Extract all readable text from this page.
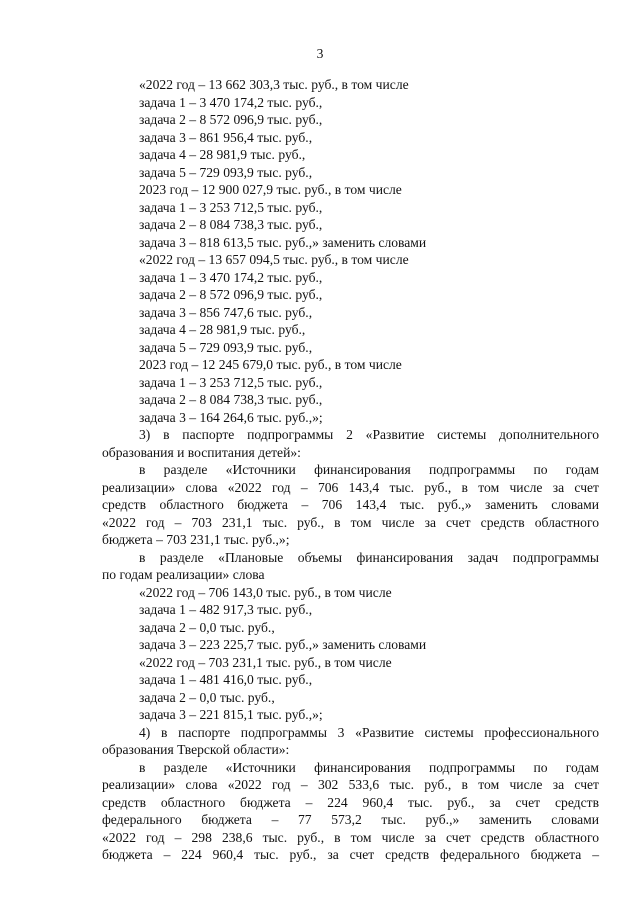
3
«2022 год – 13 662 303,3 тыс. руб., в том числе
задача 1 – 3 470 174,2 тыс. руб.,
задача 2 – 8 572 096,9 тыс. руб.,
задача 3 – 861 956,4 тыс. руб.,
задача 4 – 28 981,9 тыс. руб.,
задача 5 – 729 093,9 тыс. руб.,
2023 год – 12 900 027,9 тыс. руб., в том числе
задача 1 – 3 253 712,5 тыс. руб.,
задача 2 – 8 084 738,3 тыс. руб.,
задача 3 – 818 613,5 тыс. руб.,» заменить словами
«2022 год – 13 657 094,5 тыс. руб., в том числе
задача 1 – 3 470 174,2 тыс. руб.,
задача 2 – 8 572 096,9 тыс. руб.,
задача 3 – 856 747,6 тыс. руб.,
задача 4 – 28 981,9 тыс. руб.,
задача 5 – 729 093,9 тыс. руб.,
2023 год – 12 245 679,0 тыс. руб., в том числе
задача 1 – 3 253 712,5 тыс. руб.,
задача 2 – 8 084 738,3 тыс. руб.,
задача 3 – 164 264,6 тыс. руб.,»;
3) в паспорте подпрограммы 2 «Развитие системы дополнительного
образования и воспитания детей»:
в разделе «Источники финансирования подпрограммы по годам
реализации» слова «2022 год – 706 143,4 тыс. руб., в том числе за счет
средств областного бюджета – 706 143,4 тыс. руб.,» заменить словами
«2022 год – 703 231,1 тыс. руб., в том числе за счет средств областного
бюджета – 703 231,1 тыс. руб.,»;
в разделе «Плановые объемы финансирования задач подпрограммы
по годам реализации» слова
«2022 год – 706 143,0 тыс. руб., в том числе
задача 1 – 482 917,3 тыс. руб.,
задача 2 – 0,0 тыс. руб.,
задача 3 – 223 225,7 тыс. руб.,» заменить словами
«2022 год – 703 231,1 тыс. руб., в том числе
задача 1 – 481 416,0 тыс. руб.,
задача 2 – 0,0 тыс. руб.,
задача 3 – 221 815,1 тыс. руб.,»;
4) в паспорте подпрограммы 3 «Развитие системы профессионального
образования Тверской области»:
в разделе «Источники финансирования подпрограммы по годам
реализации» слова «2022 год – 302 533,6 тыс. руб., в том числе за счет
средств областного бюджета – 224 960,4 тыс. руб., за счет средств
федерального бюджета – 77 573,2 тыс. руб.,» заменить словами
«2022 год – 298 238,6 тыс. руб., в том числе за счет средств областного
бюджета – 224 960,4 тыс. руб., за счет средств федерального бюджета –
